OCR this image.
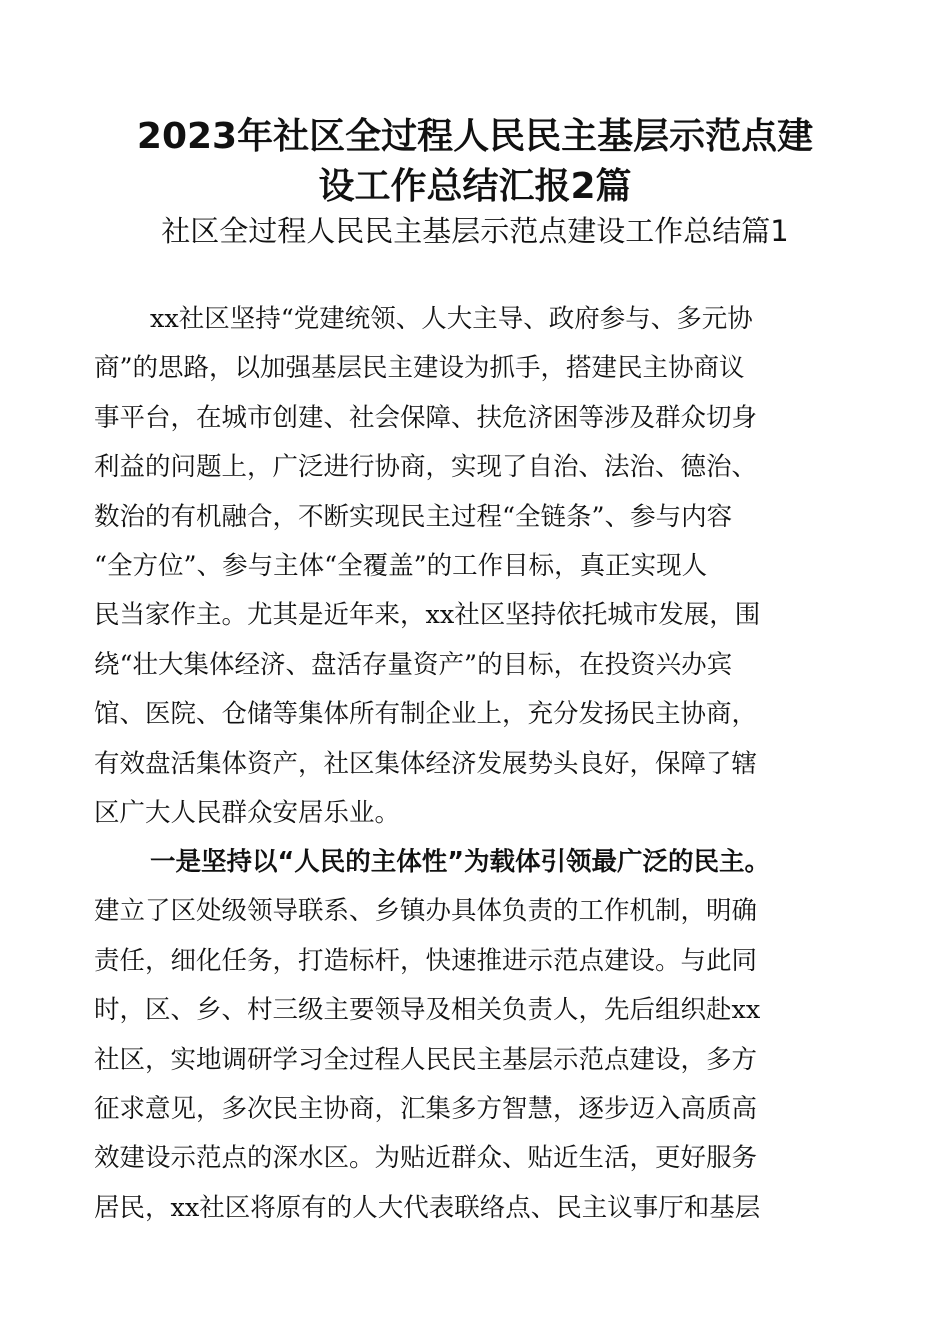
2023年社区全过程人民民主基层示范点建
设工作总结汇报2篇
社区全过程人民民主基层示范点建设工作总结篇1
xx社区坚持“党建统领、人大主导、政府参与、多元协
商”的思路，以加强基层民主建设为抓手，搭建民主协商议
事平台，在城市创建、社会保障、扶危济困等涉及群众切身
利益的问题上，广泛进行协商，实现了自治、法治、德治、
数治的有机融合，不断实现民主过程“全链条”、参与内容
“全方位”、参与主体“全覆盖”的工作目标，真正实现人
民当家作主。尤其是近年来，xx社区坚持依托城市发展，围
绕“壮大集体经济、盘活存量资产”的目标，在投资兴办宾
馆、医院、仓储等集体所有制企业上，充分发扬民主协商，
有效盘活集体资产，社区集体经济发展势头良好，保障了辖
区广大人民群众安居乐业。
一是坚持以“人民的主体性”为载体引领最广泛的民主。
建立了区处级领导联系、乡镇办具体负责的工作机制，明确
责任，细化任务，打造标杆，快速推进示范点建设。与此同
时，区、乡、村三级主要领导及相关负责人，先后组织赴xx
社区，实地调研学习全过程人民民主基层示范点建设，多方
征求意见，多次民主协商，汇集多方智慧，逐步迈入高质高
效建设示范点的深水区。为贴近群众、贴近生活，更好服务
居民，xx社区将原有的人大代表联络点、民主议事厅和基层
